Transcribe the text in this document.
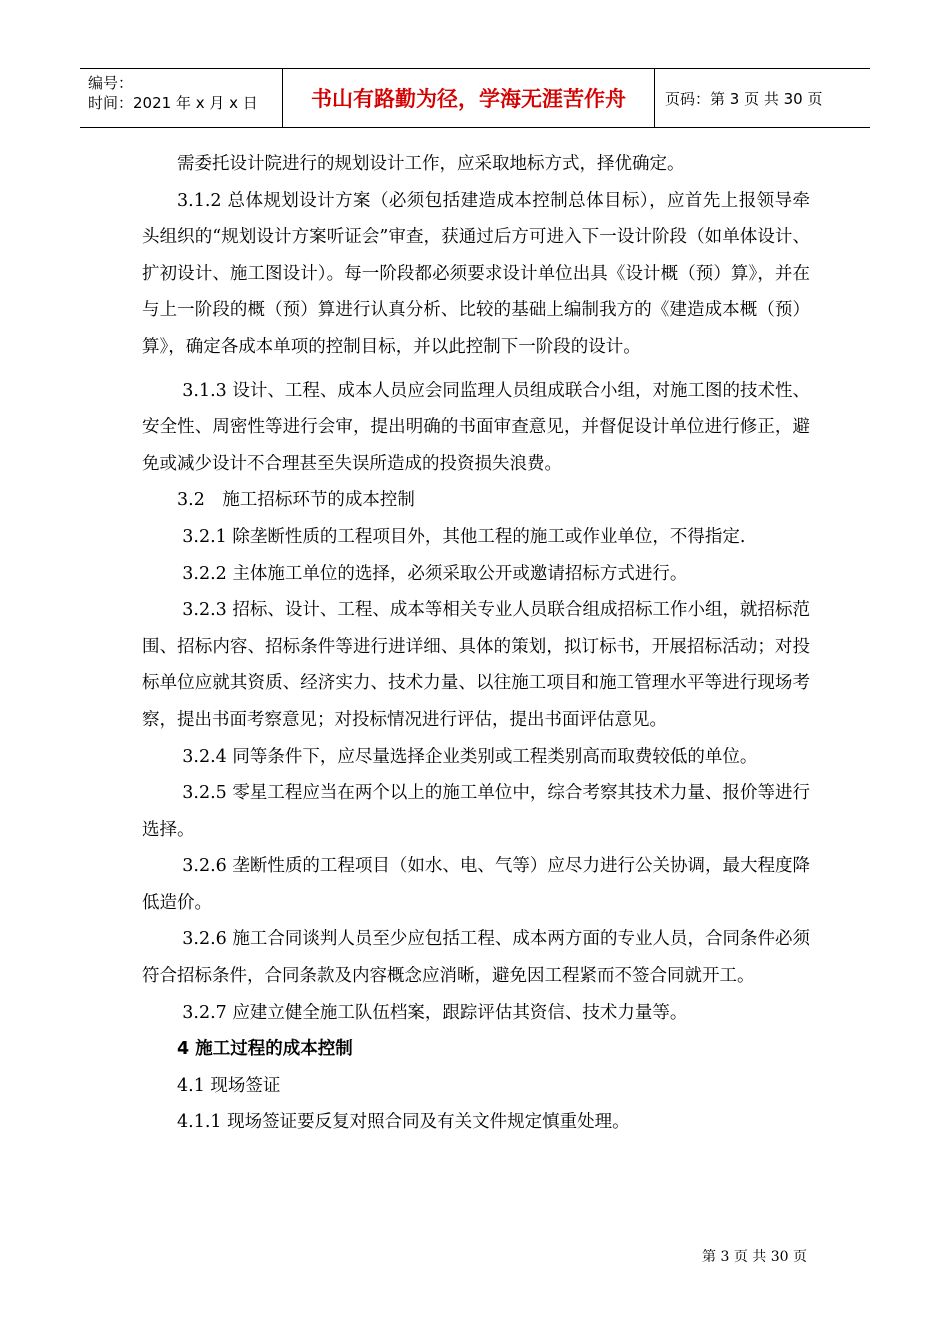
编号：
时间：2021 年 x 月 x 日	书山有路勤为径，学海无涯苦作舟	页码：第 3 页 共 30 页

需委托设计院进行的规划设计工作，应采取地标方式，择优确定。

3.1.2 总体规划设计方案（必须包括建造成本控制总体目标），应首先上报领导牵头组织的“规划设计方案听证会”审查，获通过后方可进入下一设计阶段（如单体设计、扩初设计、施工图设计）。每一阶段都必须要求设计单位出具《设计概（预）算》，并在与上一阶段的概（预）算进行认真分析、比较的基础上编制我方的《建造成本概（预）算》，确定各成本单项的控制目标，并以此控制下一阶段的设计。

3.1.3 设计、工程、成本人员应会同监理人员组成联合小组，对施工图的技术性、安全性、周密性等进行会审，提出明确的书面审查意见，并督促设计单位进行修正，避免或减少设计不合理甚至失误所造成的投资损失浪费。

3.2　施工招标环节的成本控制

3.2.1 除垄断性质的工程项目外，其他工程的施工或作业单位，不得指定.

3.2.2 主体施工单位的选择，必须采取公开或邀请招标方式进行。

3.2.3 招标、设计、工程、成本等相关专业人员联合组成招标工作小组，就招标范围、招标内容、招标条件等进行进详细、具体的策划，拟订标书，开展招标活动；对投标单位应就其资质、经济实力、技术力量、以往施工项目和施工管理水平等进行现场考察，提出书面考察意见；对投标情况进行评估，提出书面评估意见。

3.2.4 同等条件下，应尽量选择企业类别或工程类别高而取费较低的单位。

3.2.5 零星工程应当在两个以上的施工单位中，综合考察其技术力量、报价等进行选择。

3.2.6 垄断性质的工程项目（如水、电、气等）应尽力进行公关协调，最大程度降低造价。

3.2.6 施工合同谈判人员至少应包括工程、成本两方面的专业人员，合同条件必须符合招标条件，合同条款及内容概念应消晰，避免因工程紧而不签合同就开工。

3.2.7 应建立健全施工队伍档案，跟踪评估其资信、技术力量等。

4 施工过程的成本控制

4.1 现场签证

4.1.1 现场签证要反复对照合同及有关文件规定慎重处理。

第 3 页 共 30 页
